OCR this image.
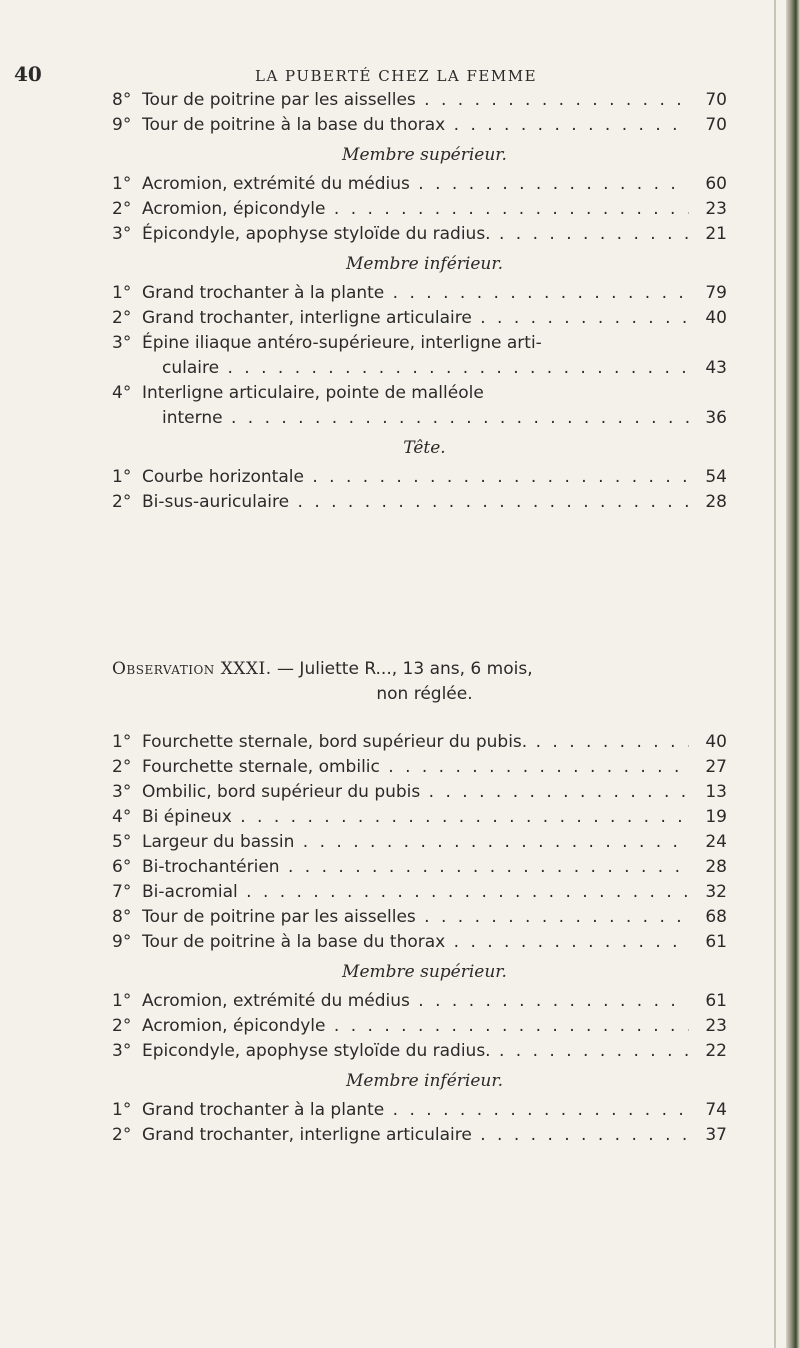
40	LA PUBERTÉ CHEZ LA FEMME
8° Tour de poitrine par les aisselles . . .	70
9° Tour de poitrine à la base du thorax . . .	70
Membre supérieur.
1° Acromion, extrémité du médius . . .	60
2° Acromion, épicondyle . . .	23
3° Épicondyle, apophyse styloïde du radius. . . .	21
Membre inférieur.
1° Grand trochanter à la plante . . .	79
2° Grand trochanter, interligne articulaire . . .	40
3° Épine iliaque antéro-supérieure, interligne arti-
culaire . . .	43
4° Interligne articulaire, pointe de malléole
interne . . .	36
Tête.
1° Courbe horizontale . . .	54
2° Bi-sus-auriculaire . . .	28
Observation XXXI. — Juliette R..., 13 ans, 6 mois,
non réglée.
1° Fourchette sternale, bord supérieur du pubis. . . .	40
2° Fourchette sternale, ombilic . . .	27
3° Ombilic, bord supérieur du pubis . . .	13
4° Bi épineux . . .	19
5° Largeur du bassin . . .	24
6° Bi-trochantérien . . .	28
7° Bi-acromial . . .	32
8° Tour de poitrine par les aisselles . . .	68
9° Tour de poitrine à la base du thorax . . .	61
Membre supérieur.
1° Acromion, extrémité du médius . . .	61
2° Acromion, épicondyle . . .	23
3° Epicondyle, apophyse styloïde du radius. . . .	22
Membre inférieur.
1° Grand trochanter à la plante . . .	74
2° Grand trochanter, interligne articulaire . . .	37
